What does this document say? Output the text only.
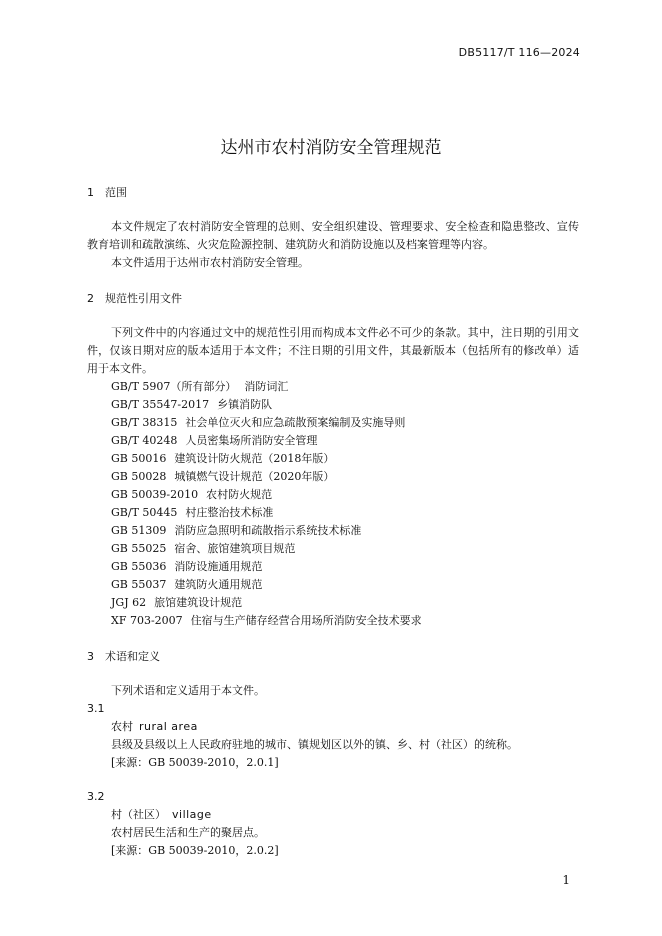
DB5117/T 116—2024
达州市农村消防安全管理规范
1 范围

本文件规定了农村消防安全管理的总则、安全组织建设、管理要求、安全检查和隐患整改、宣传教育培训和疏散演练、火灾危险源控制、建筑防火和消防设施以及档案管理等内容。

本文件适用于达州市农村消防安全管理。

2 规范性引用文件

下列文件中的内容通过文中的规范性引用而构成本文件必不可少的条款。其中，注日期的引用文件，仅该日期对应的版本适用于本文件；不注日期的引用文件，其最新版本（包括所有的修改单）适用于本文件。

GB/T 5907（所有部分） 消防词汇
GB/T 35547-2017 乡镇消防队
GB/T 38315 社会单位灭火和应急疏散预案编制及实施导则
GB/T 40248 人员密集场所消防安全管理
GB 50016 建筑设计防火规范（2018年版）
GB 50028 城镇燃气设计规范（2020年版）
GB 50039-2010 农村防火规范
GB/T 50445 村庄整治技术标准
GB 51309 消防应急照明和疏散指示系统技术标准
GB 55025 宿舍、旅馆建筑项目规范
GB 55036 消防设施通用规范
GB 55037 建筑防火通用规范
JGJ 62 旅馆建筑设计规范
XF 703-2007 住宿与生产储存经营合用场所消防安全技术要求
3 术语和定义

下列术语和定义适用于本文件。

3.1
农村 rural area

县级及县级以上人民政府驻地的城市、镇规划区以外的镇、乡、村（社区）的统称。

[来源：GB 50039-2010，2.0.1]

3.2
村（社区） village

农村居民生活和生产的聚居点。

[来源：GB 50039-2010，2.0.2]

1
